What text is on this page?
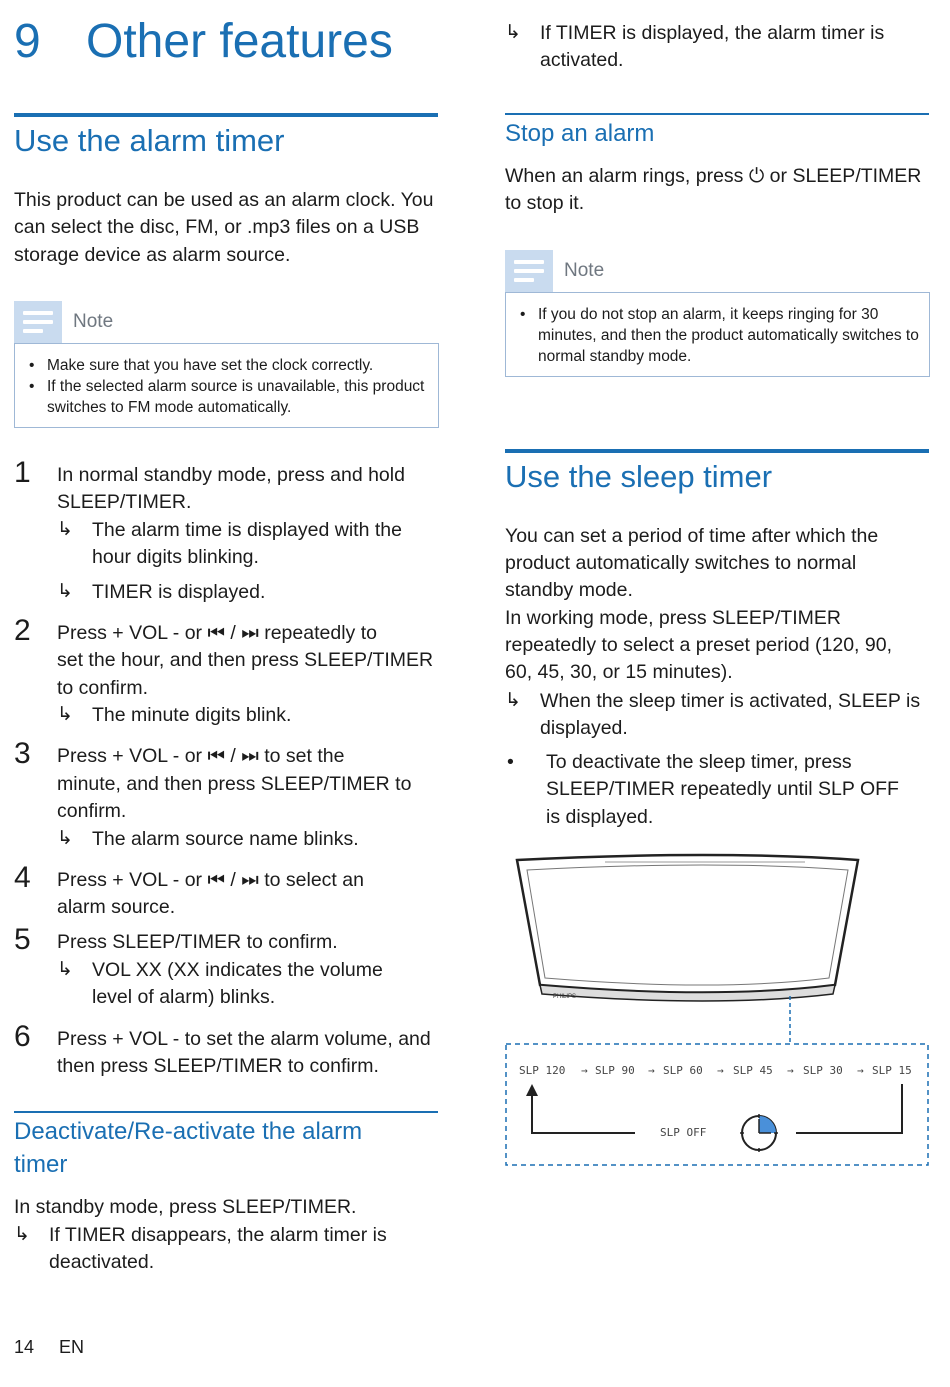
9 Other features
Use the alarm timer
This product can be used as an alarm clock. You
can select the disc, FM, or .mp3 files on a USB
storage device as alarm source.
Note
• Make sure that you have set the clock correctly.
• If the selected alarm source is unavailable, this product
switches to FM mode automatically.
1 In normal standby mode, press and hold
SLEEP/TIMER.
↳ The alarm time is displayed with the
hour digits blinking.
↳ TIMER is displayed.
2 Press + VOL - or ⏮ / ⏭ repeatedly to
set the hour, and then press SLEEP/TIMER
to confirm.
↳ The minute digits blink.
3 Press + VOL - or ⏮ / ⏭ to set the
minute, and then press SLEEP/TIMER to
confirm.
↳ The alarm source name blinks.
4 Press + VOL - or ⏮ / ⏭ to select an
alarm source.
5 Press SLEEP/TIMER to confirm.
↳ VOL XX (XX indicates the volume
level of alarm) blinks.
6 Press + VOL - to set the alarm volume, and
then press SLEEP/TIMER to confirm.
Deactivate/Re-activate the alarm
timer
In standby mode, press SLEEP/TIMER.
↳ If TIMER disappears, the alarm timer is
deactivated.
14 EN
↳ If TIMER is displayed, the alarm timer is
activated.
Stop an alarm
When an alarm rings, press ⏻ or SLEEP/TIMER
to stop it.
Note
• If you do not stop an alarm, it keeps ringing for 30
minutes, and then the product automatically switches to
normal standby mode.
Use the sleep timer
You can set a period of time after which the
product automatically switches to normal
standby mode.
In working mode, press SLEEP/TIMER
repeatedly to select a preset period (120, 90,
60, 45, 30, or 15 minutes).
↳ When the sleep timer is activated, SLEEP is
displayed.
• To deactivate the sleep timer, press
SLEEP/TIMER repeatedly until SLP OFF
is displayed.
PHILIPS
SLP 120 → SLP 90 → SLP 60 → SLP 45 → SLP 30 → SLP 15
SLP OFF
